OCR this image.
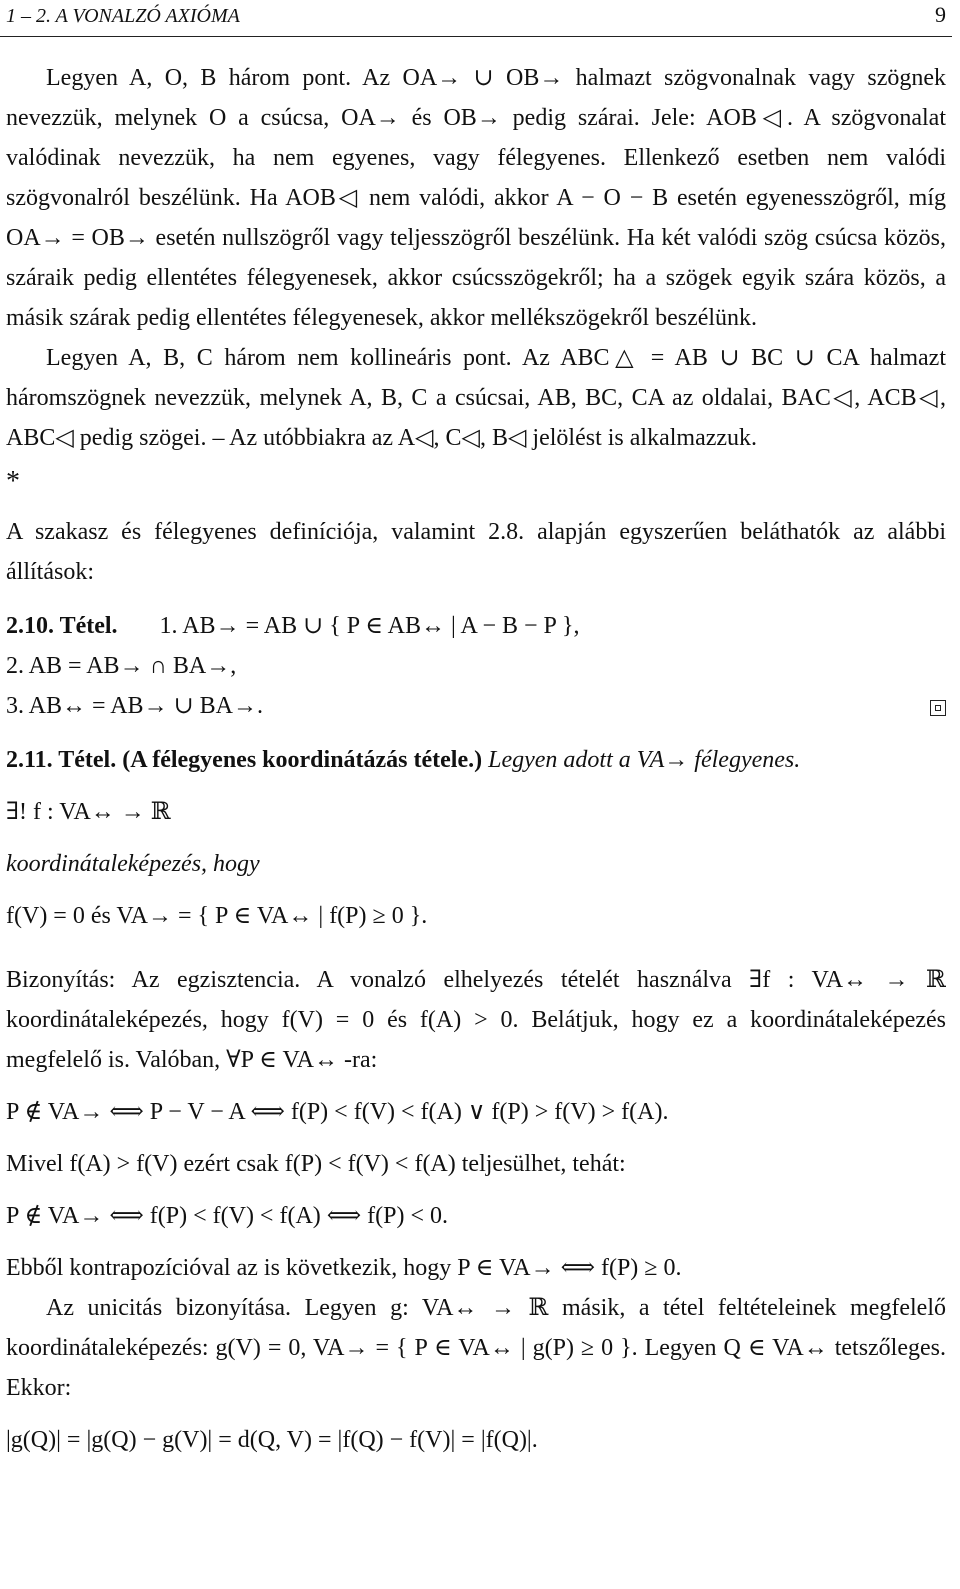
1 – 2. A VONALZÓ AXIÓMA	9

Legyen A, O, B három pont. Az OA→ ∪ OB→ halmazt szögvonalnak vagy szögnek nevezzük, melynek O a csúcsa, OA→ és OB→ pedig szárai. Jele: AOB◁. A szögvonalat valódinak nevezzük, ha nem egyenes, vagy félegyenes. Ellenkező esetben nem valódi szögvonalról beszélünk. Ha AOB◁ nem valódi, akkor A − O − B esetén egyenesszögről, míg OA→ = OB→ esetén nullszögről vagy teljesszögről beszélünk. Ha két valódi szög csúcsa közös, száraik pedig ellentétes félegyenesek, akkor csúcsszögekről; ha a szögek egyik szára közös, a másik szárak pedig ellentétes félegyenesek, akkor mellékszögekről beszélünk.

Legyen A, B, C három nem kollineáris pont. Az ABC△ = AB ∪ BC ∪ CA halmazt háromszögnek nevezzük, melynek A, B, C a csúcsai, AB, BC, CA az oldalai, BAC◁, ACB◁, ABC◁ pedig szögei. – Az utóbbiakra az A◁, C◁, B◁ jelölést is alkalmazzuk.

*

A szakasz és félegyenes definíciója, valamint 2.8. alapján egyszerűen beláthatók az alábbi állítások:

2.10. Tétel. 1. AB→ = AB ∪ { P ∈ AB↔ | A − B − P },

2. AB = AB→ ∩ BA→,

3. AB↔ = AB→ ∪ BA→.

2.11. Tétel. (A félegyenes koordinátázás tétele.) Legyen adott a VA→ félegyenes.

∃! f : VA↔ → ℝ

koordinátaleképezés, hogy

f(V) = 0 és VA→ = { P ∈ VA↔ | f(P) ≥ 0 }.

Bizonyítás: Az egzisztencia. A vonalzó elhelyezés tételét használva ∃f : VA↔ → ℝ koordinátaleképezés, hogy f(V) = 0 és f(A) > 0. Belátjuk, hogy ez a koordinátaleképezés megfelelő is. Valóban, ∀P ∈ VA↔ -ra:

P ∉ VA→ ⟺ P − V − A ⟺ f(P) < f(V) < f(A) ∨ f(P) > f(V) > f(A).

Mivel f(A) > f(V) ezért csak f(P) < f(V) < f(A) teljesülhet, tehát:

P ∉ VA→ ⟺ f(P) < f(V) < f(A) ⟺ f(P) < 0.

Ebből kontrapozícióval az is következik, hogy P ∈ VA→ ⟺ f(P) ≥ 0.

Az unicitás bizonyítása. Legyen g: VA↔ → ℝ másik, a tétel feltételeinek megfelelő koordinátaleképezés: g(V) = 0, VA→ = { P ∈ VA↔ | g(P) ≥ 0 }. Legyen Q ∈ VA↔ tetszőleges. Ekkor:

|g(Q)| = |g(Q) − g(V)| = d(Q, V) = |f(Q) − f(V)| = |f(Q)|.
